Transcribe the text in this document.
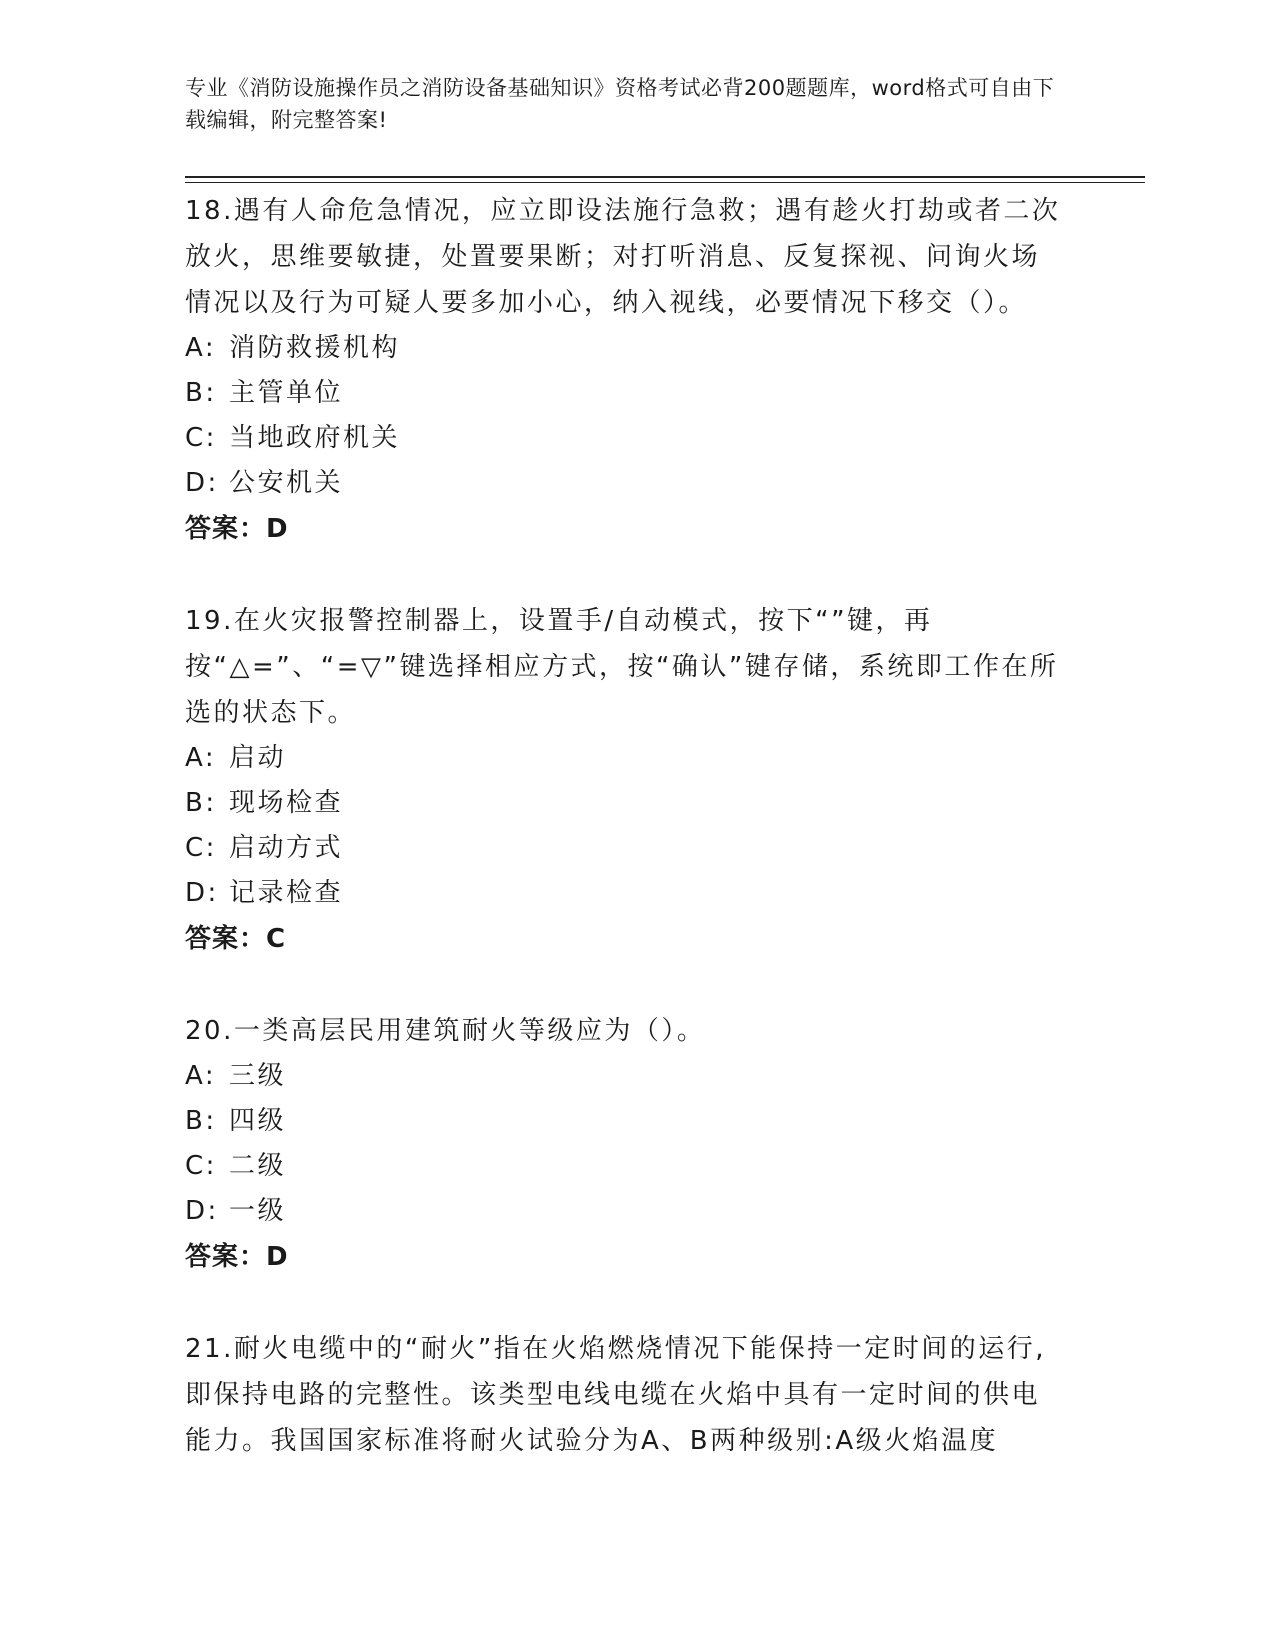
专业《消防设施操作员之消防设备基础知识》资格考试必背200题题库，word格式可自由下载编辑，附完整答案!

18.遇有人命危急情况，应立即设法施行急救；遇有趁火打劫或者二次放火，思维要敏捷，处置要果断；对打听消息、反复探视、问询火场情况以及行为可疑人要多加小心，纳入视线，必要情况下移交（）。

A: 消防救援机构
B: 主管单位
C: 当地政府机关
D: 公安机关
答案：D

19.在火灾报警控制器上，设置手/自动模式，按下“”键，再按“△=”、“=▽”键选择相应方式，按“确认”键存储，系统即工作在所选的状态下。

A: 启动
B: 现场检查
C: 启动方式
D: 记录检查
答案：C

20.一类高层民用建筑耐火等级应为（）。

A: 三级
B: 四级
C: 二级
D: 一级
答案：D

21.耐火电缆中的“耐火”指在火焰燃烧情况下能保持一定时间的运行,即保持电路的完整性。该类型电线电缆在火焰中具有一定时间的供电能力。我国国家标准将耐火试验分为A、B两种级别:A级火焰温度
